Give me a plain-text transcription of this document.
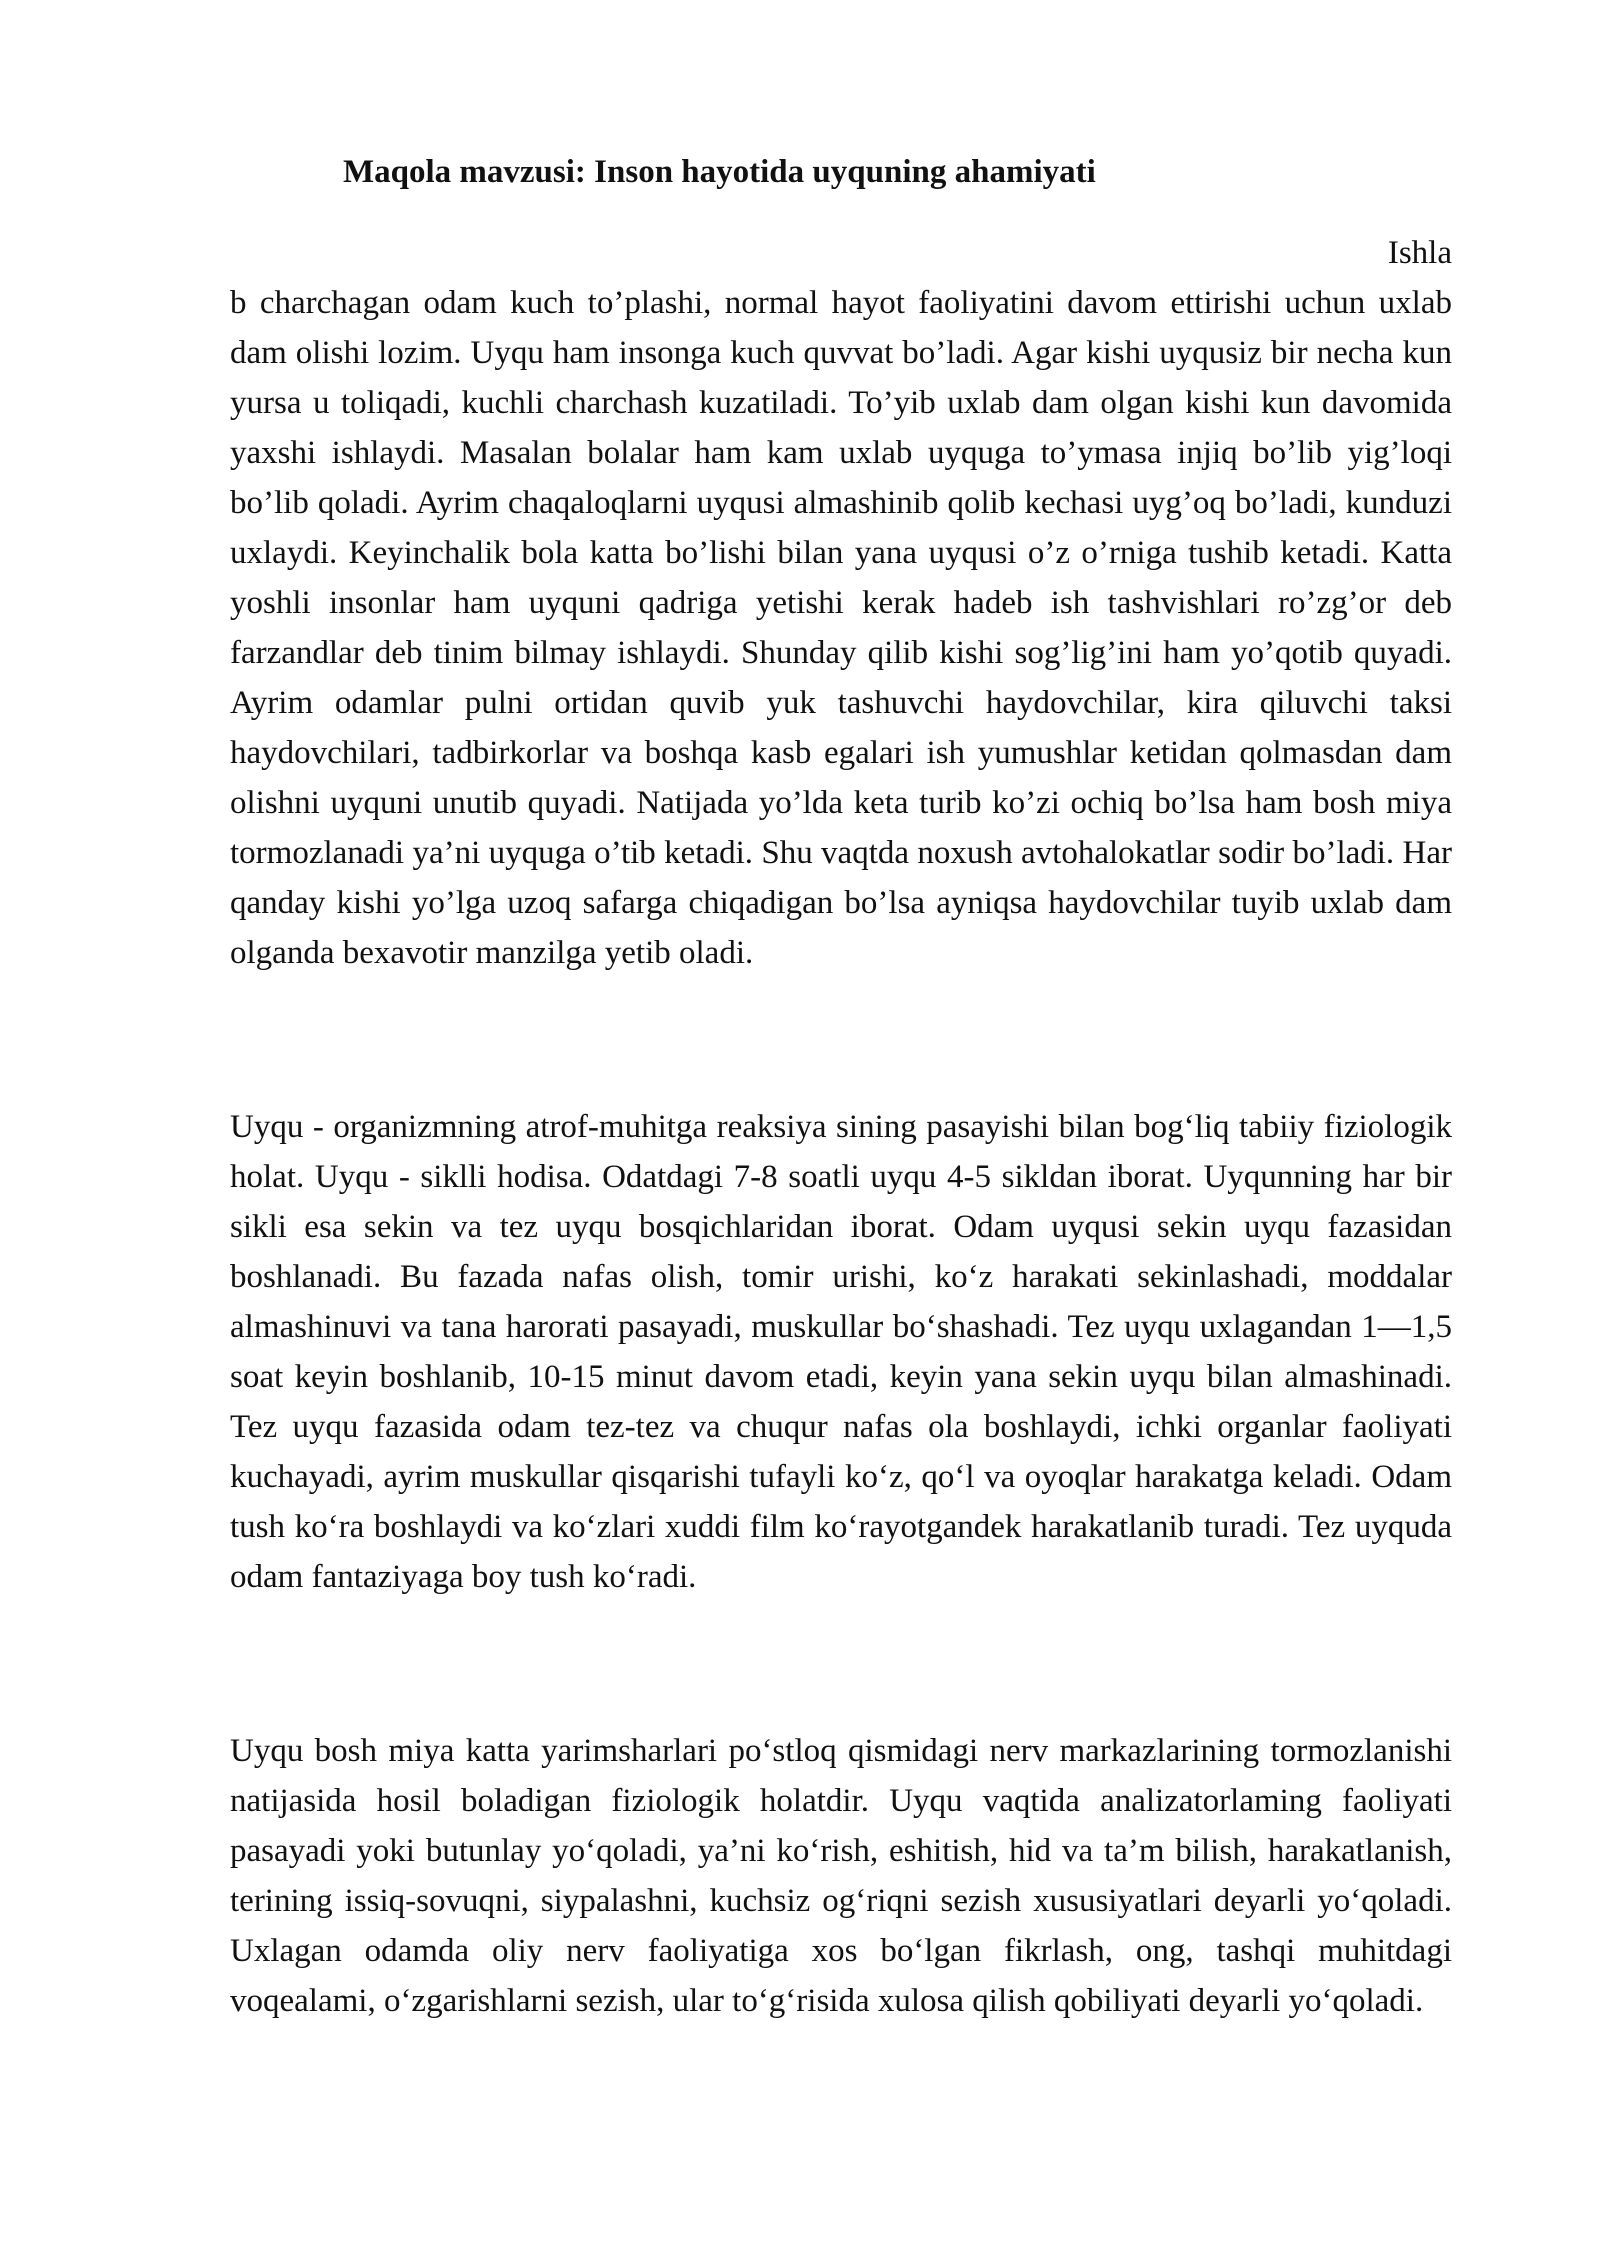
Maqola mavzusi: Inson hayotida uyquning ahamiyati

Ishla

b charchagan odam kuch to’plashi, normal hayot faoliyatini davom ettirishi uchun uxlab dam olishi lozim. Uyqu ham insonga kuch quvvat bo’ladi. Agar kishi uyqusiz bir necha kun yursa u toliqadi, kuchli charchash kuzatiladi. To’yib uxlab dam olgan kishi kun davomida yaxshi ishlaydi. Masalan bolalar ham kam uxlab uyquga to’ymasa injiq bo’lib yig’loqi bo’lib qoladi. Ayrim chaqaloqlarni uyqusi almashinib qolib kechasi uyg’oq bo’ladi, kunduzi uxlaydi. Keyinchalik bola katta bo’lishi bilan yana uyqusi o’z o’rniga tushib ketadi. Katta yoshli insonlar ham uyquni qadriga yetishi kerak hadeb ish tashvishlari ro’zg’or deb farzandlar deb tinim bilmay ishlaydi. Shunday qilib kishi sog’lig’ini ham yo’qotib quyadi. Ayrim odamlar pulni ortidan quvib yuk tashuvchi haydovchilar, kira qiluvchi taksi haydovchilari, tadbirkorlar va boshqa kasb egalari ish yumushlar ketidan qolmasdan dam olishni uyquni unutib quyadi. Natijada yo’lda keta turib ko’zi ochiq bo’lsa ham bosh miya tormozlanadi ya’ni uyquga o’tib ketadi. Shu vaqtda noxush avtohalokatlar sodir bo’ladi. Har qanday kishi yo’lga uzoq safarga chiqadigan bo’lsa ayniqsa haydovchilar tuyib uxlab dam olganda bexavotir manzilga yetib oladi.

Uyqu - organizmning atrof-muhitga reaksiya sining pasayishi bilan bog‘liq tabiiy fiziologik holat. Uyqu - siklli hodisa. Odatdagi 7-8 soatli uyqu 4-5 sikldan iborat. Uyqunning har bir sikli esa sekin va tez uyqu bosqichlaridan iborat. Odam uyqusi sekin uyqu fazasidan boshlanadi. Bu fazada nafas olish, tomir urishi, ko‘z harakati sekinlashadi, moddalar almashinuvi va tana harorati pasayadi, muskullar bo‘shashadi. Tez uyqu uxlagandan 1—1,5 soat keyin boshlanib, 10-15 minut davom etadi, keyin yana sekin uyqu bilan almashinadi. Tez uyqu fazasida odam tez-tez va chuqur nafas ola boshlaydi, ichki organlar faoliyati kuchayadi, ayrim muskullar qisqarishi tufayli ko‘z, qo‘l va oyoqlar harakatga keladi. Odam tush ko‘ra boshlaydi va ko‘zlari xuddi film ko‘rayotgandek harakatlanib turadi. Tez uyquda odam fantaziyaga boy tush ko‘radi.

Uyqu bosh miya katta yarimsharlari po‘stloq qismidagi nerv markazlarining tormozlanishi natijasida hosil boladigan fiziologik holatdir. Uyqu vaqtida analizatorlaming faoliyati pasayadi yoki butunlay yo‘qoladi, ya’ni ko‘rish, eshitish, hid va ta’m bilish, harakatlanish, terining issiq-sovuqni, siypalashni, kuchsiz og‘riqni sezish xususiyatlari deyarli yo‘qoladi. Uxlagan odamda oliy nerv faoliyatiga xos bo‘lgan fikrlash, ong, tashqi muhitdagi voqealami, o‘zgarishlarni sezish, ular to‘g‘risida xulosa qilish qobiliyati deyarli yo‘qoladi.
